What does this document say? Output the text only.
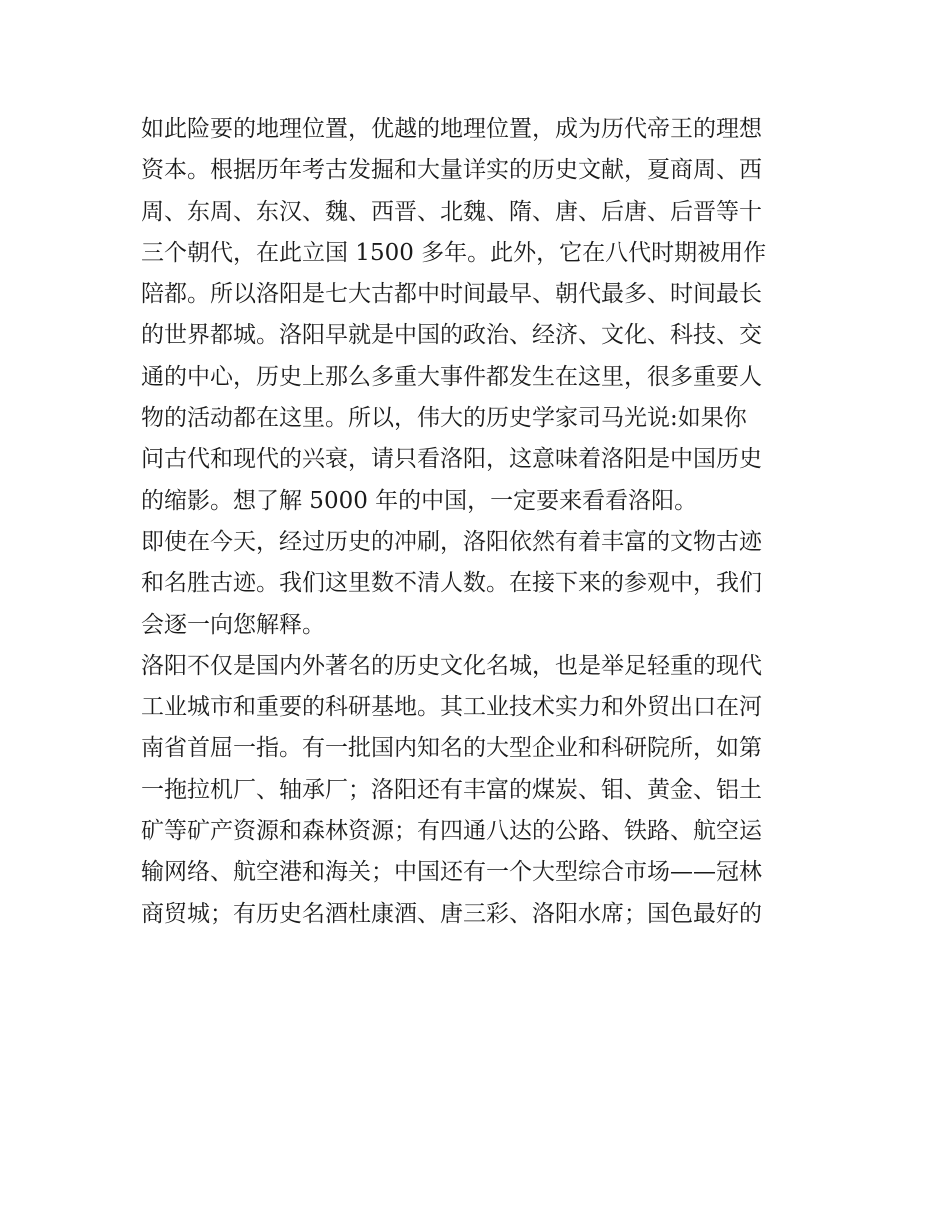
如此险要的地理位置，优越的地理位置，成为历代帝王的理想
资本。根据历年考古发掘和大量详实的历史文献，夏商周、西
周、东周、东汉、魏、西晋、北魏、隋、唐、后唐、后晋等十
三个朝代，在此立国 1500 多年。此外，它在八代时期被用作
陪都。所以洛阳是七大古都中时间最早、朝代最多、时间最长
的世界都城。洛阳早就是中国的政治、经济、文化、科技、交
通的中心，历史上那么多重大事件都发生在这里，很多重要人
物的活动都在这里。所以，伟大的历史学家司马光说:如果你
问古代和现代的兴衰，请只看洛阳，这意味着洛阳是中国历史
的缩影。想了解 5000 年的中国，一定要来看看洛阳。
即使在今天，经过历史的冲刷，洛阳依然有着丰富的文物古迹
和名胜古迹。我们这里数不清人数。在接下来的参观中，我们
会逐一向您解释。
洛阳不仅是国内外著名的历史文化名城，也是举足轻重的现代
工业城市和重要的科研基地。其工业技术实力和外贸出口在河
南省首屈一指。有一批国内知名的大型企业和科研院所，如第
一拖拉机厂、轴承厂；洛阳还有丰富的煤炭、钼、黄金、铝土
矿等矿产资源和森林资源；有四通八达的公路、铁路、航空运
输网络、航空港和海关；中国还有一个大型综合市场——冠林
商贸城；有历史名酒杜康酒、唐三彩、洛阳水席；国色最好的
